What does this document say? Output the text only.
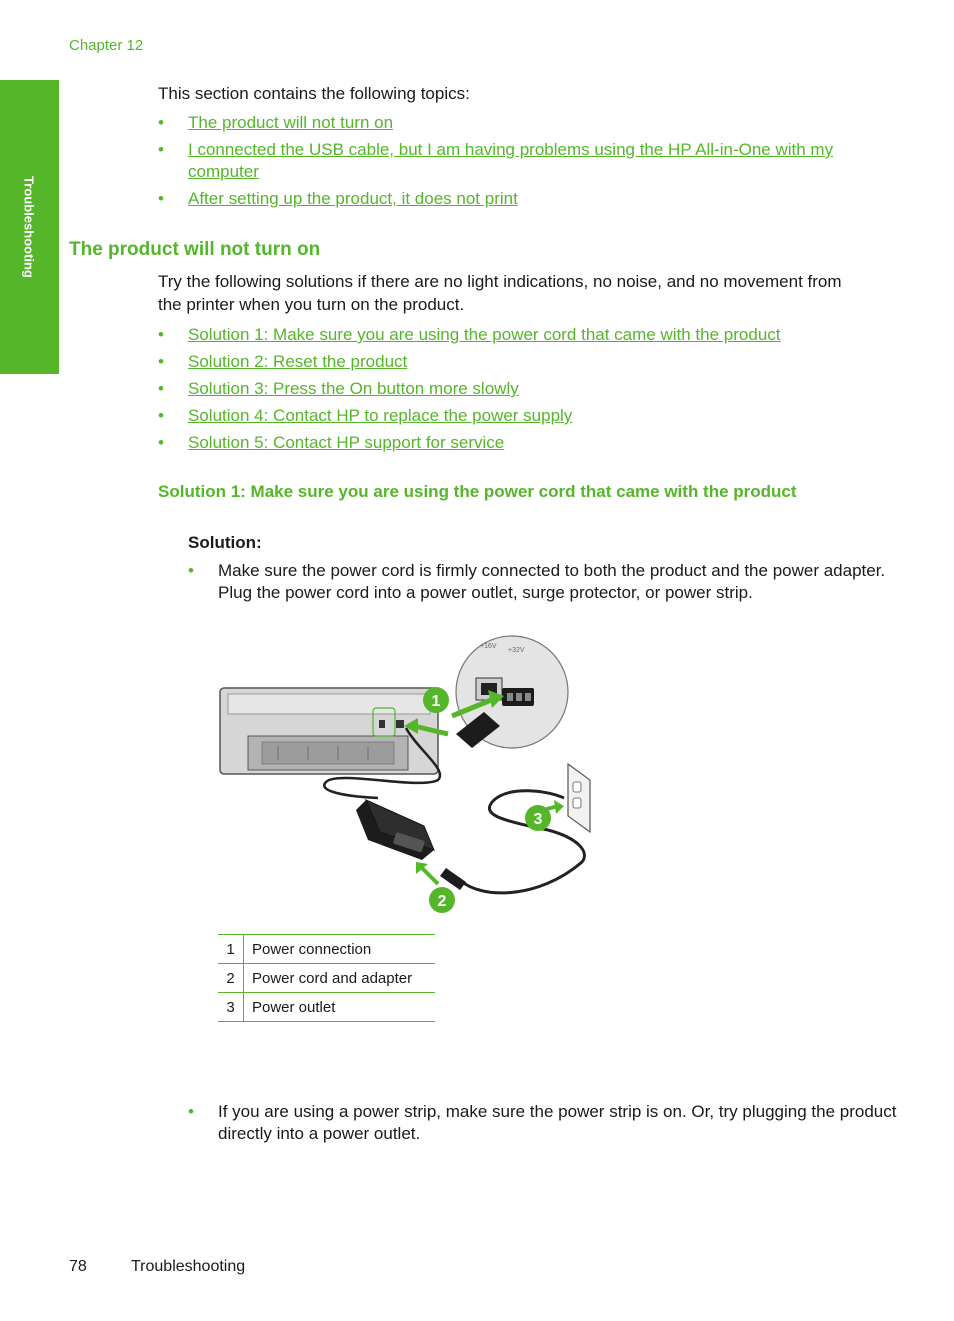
Chapter 12
Troubleshooting

This section contains the following topics:

• The product will not turn on
• I connected the USB cable, but I am having problems using the HP All-in-One with my computer
• After setting up the product, it does not print
The product will not turn on

Try the following solutions if there are no light indications, no noise, and no movement from the printer when you turn on the product.

• Solution 1: Make sure you are using the power cord that came with the product
• Solution 2: Reset the product
• Solution 3: Press the On button more slowly
• Solution 4: Contact HP to replace the power supply
• Solution 5: Contact HP support for service
Solution 1: Make sure you are using the power cord that came with the product
Solution:
• Make sure the power cord is firmly connected to both the product and the power adapter. Plug the power cord into a power outlet, surge protector, or power strip.
+16V
+32V
1
3
2
1	Power connection
2	Power cord and adapter
3	Power outlet
• If you are using a power strip, make sure the power strip is on. Or, try plugging the product directly into a power outlet.
78	Troubleshooting
